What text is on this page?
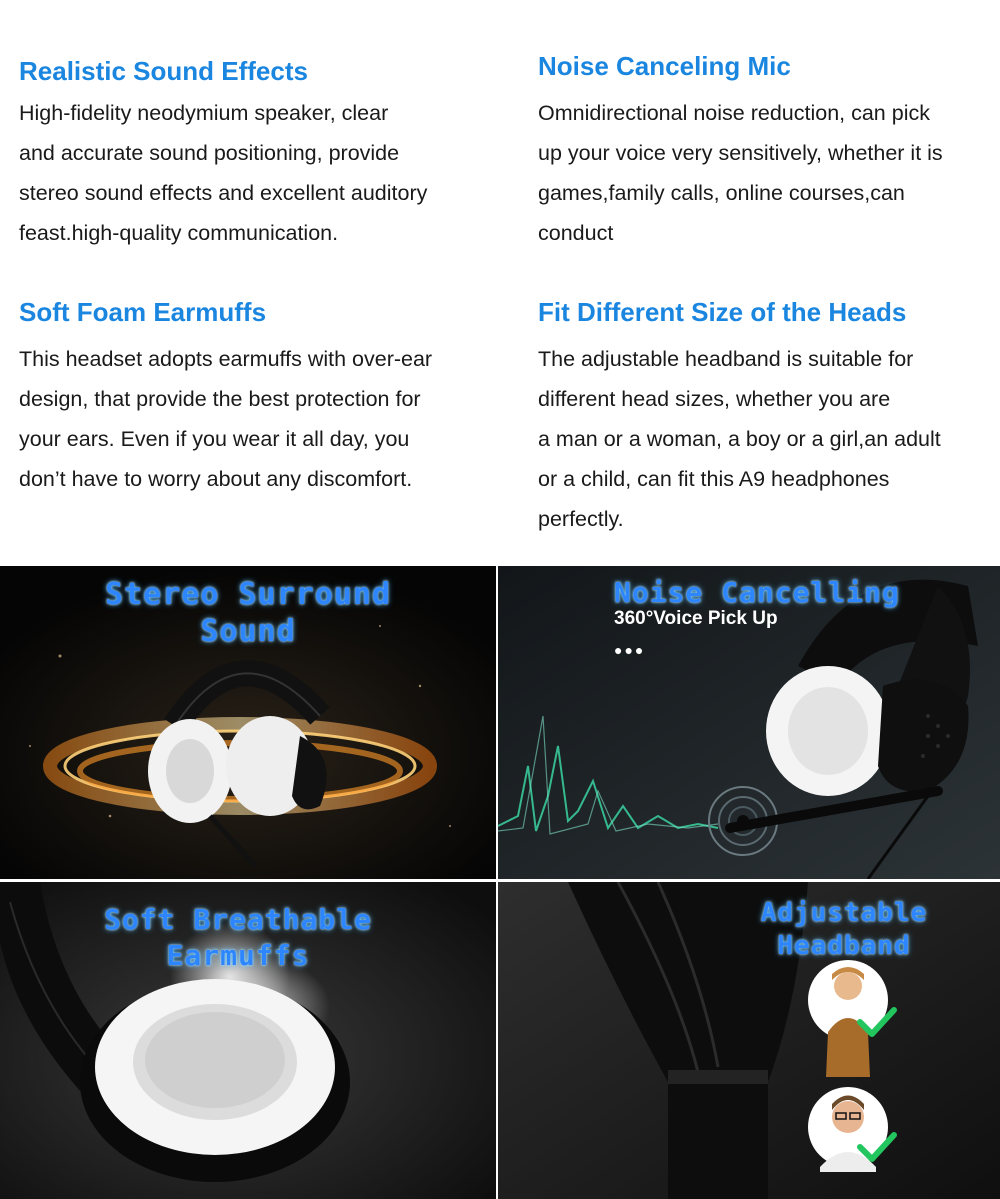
Realistic Sound Effects

High-fidelity neodymium speaker, clear
and accurate sound positioning, provide
stereo sound effects and excellent auditory
feast.high-quality communication.

Noise Canceling Mic

Omnidirectional noise reduction, can pick
up your voice very sensitively, whether it is
games,family calls, online courses,can
conduct

Soft Foam Earmuffs

This headset adopts earmuffs with over-ear
design, that provide the best protection for
your ears. Even if you wear it all day, you
don’t have to worry about any discomfort.

Fit Different Size of the Heads

The adjustable headband is suitable for
different head sizes, whether you are
a man or a woman, a boy or a girl,an adult
or a child, can fit this A9 headphones
perfectly.

Stereo Surround
Sound
Noise Cancelling
360°Voice Pick Up
●●●
Soft Breathable
Earmuffs
Adjustable
Headband
